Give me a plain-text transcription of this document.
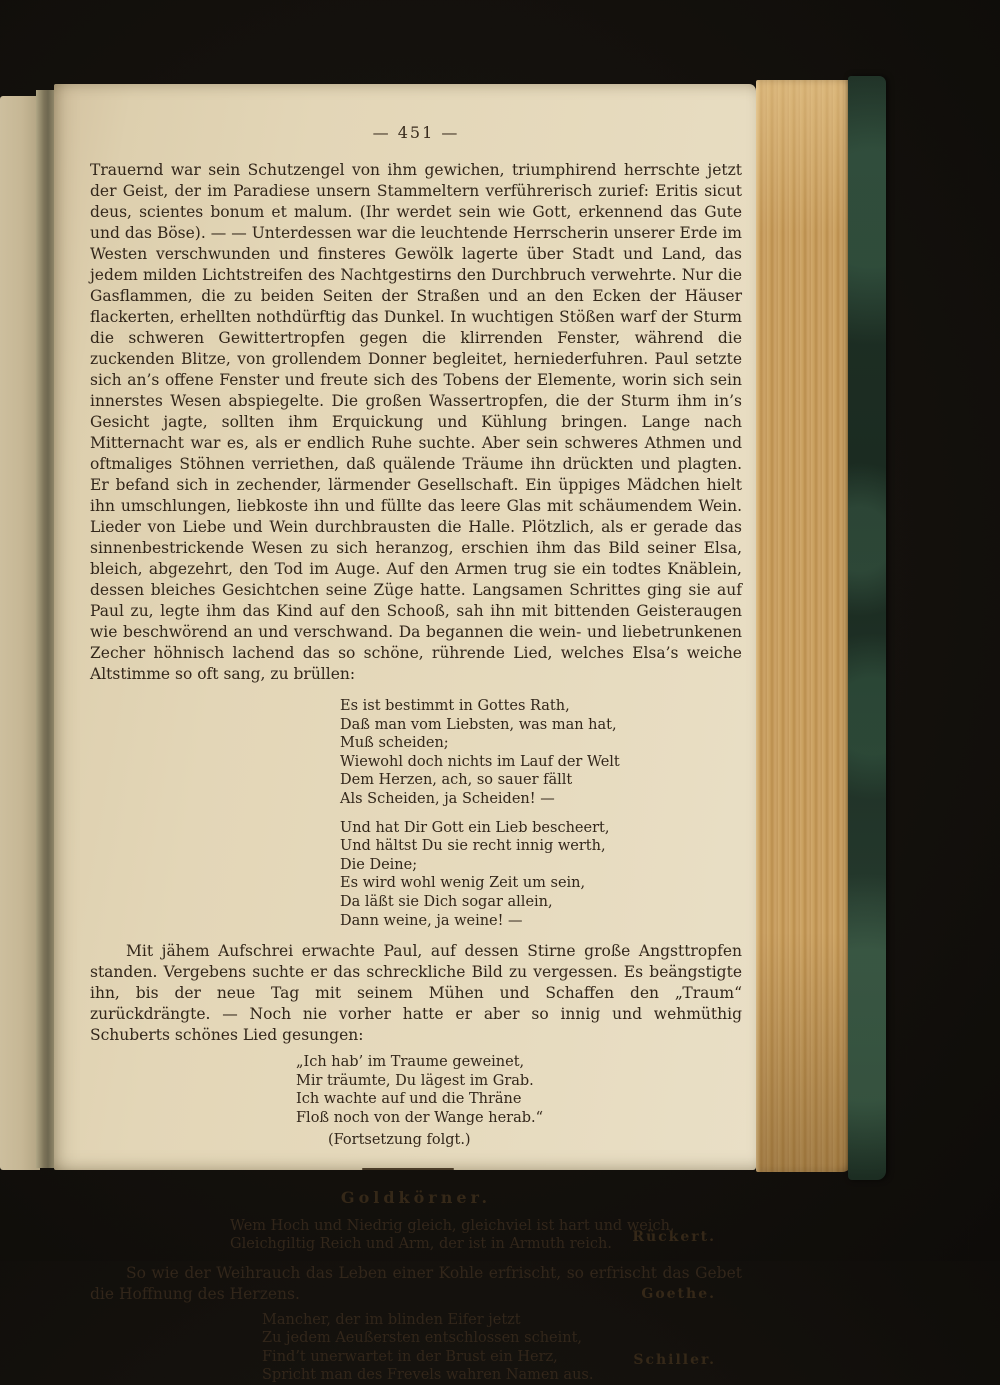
— 451 —

Trauernd war sein Schutzengel von ihm gewichen, triumphirend herrschte jetzt der Geist, der im Paradiese unsern Stammeltern verführerisch zurief: Eritis sicut deus, scientes bonum et malum. (Ihr werdet sein wie Gott, erkennend das Gute und das Böse). — — Unterdessen war die leuchtende Herrscherin unserer Erde im Westen verschwunden und finsteres Gewölk lagerte über Stadt und Land, das jedem milden Lichtstreifen des Nachtgestirns den Durchbruch verwehrte. Nur die Gasflammen, die zu beiden Seiten der Straßen und an den Ecken der Häuser flackerten, erhellten nothdürftig das Dunkel. In wuchtigen Stößen warf der Sturm die schweren Gewittertropfen gegen die klirrenden Fenster, während die zuckenden Blitze, von grollendem Donner begleitet, herniederfuhren. Paul setzte sich an’s offene Fenster und freute sich des Tobens der Elemente, worin sich sein innerstes Wesen abspiegelte. Die großen Wassertropfen, die der Sturm ihm in’s Gesicht jagte, sollten ihm Erquickung und Kühlung bringen. Lange nach Mitternacht war es, als er endlich Ruhe suchte. Aber sein schweres Athmen und oftmaliges Stöhnen verriethen, daß quälende Träume ihn drückten und plagten. Er befand sich in zechender, lärmender Gesellschaft. Ein üppiges Mädchen hielt ihn umschlungen, liebkoste ihn und füllte das leere Glas mit schäumendem Wein. Lieder von Liebe und Wein durchbrausten die Halle. Plötzlich, als er gerade das sinnenbestrickende Wesen zu sich heranzog, erschien ihm das Bild seiner Elsa, bleich, abgezehrt, den Tod im Auge. Auf den Armen trug sie ein todtes Knäblein, dessen bleiches Gesichtchen seine Züge hatte. Langsamen Schrittes ging sie auf Paul zu, legte ihm das Kind auf den Schooß, sah ihn mit bittenden Geisteraugen wie beschwörend an und verschwand. Da begannen die wein- und liebetrunkenen Zecher höhnisch lachend das so schöne, rührende Lied, welches Elsa’s weiche Altstimme so oft sang, zu brüllen:

Es ist bestimmt in Gottes Rath,
Daß man vom Liebsten, was man hat,
Muß scheiden;
Wiewohl doch nichts im Lauf der Welt
Dem Herzen, ach, so sauer fällt
Als Scheiden, ja Scheiden! —
Und hat Dir Gott ein Lieb bescheert,
Und hältst Du sie recht innig werth,
Die Deine;
Es wird wohl wenig Zeit um sein,
Da läßt sie Dich sogar allein,
Dann weine, ja weine! —

Mit jähem Aufschrei erwachte Paul, auf dessen Stirne große Angsttropfen standen. Vergebens suchte er das schreckliche Bild zu vergessen. Es beängstigte ihn, bis der neue Tag mit seinem Mühen und Schaffen den „Traum“ zurückdrängte. — Noch nie vorher hatte er aber so innig und wehmüthig Schuberts schönes Lied gesungen:

„Ich hab’ im Traume geweinet,
Mir träumte, Du lägest im Grab.
Ich wachte auf und die Thräne
Floß noch von der Wange herab.“
(Fortsetzung folgt.)
Goldkörner.
Wem Hoch und Niedrig gleich, gleichviel ist hart und weich,
Gleichgiltig Reich und Arm, der ist in Armuth reich.	Rückert.

So wie der Weihrauch das Leben einer Kohle erfrischt, so erfrischt das Gebet die Hoffnung des Herzens.	Goethe.
Mancher, der im blinden Eifer jetzt
Zu jedem Aeußersten entschlossen scheint,
Find’t unerwartet in der Brust ein Herz,
Spricht man des Frevels wahren Namen aus.
Schiller.
